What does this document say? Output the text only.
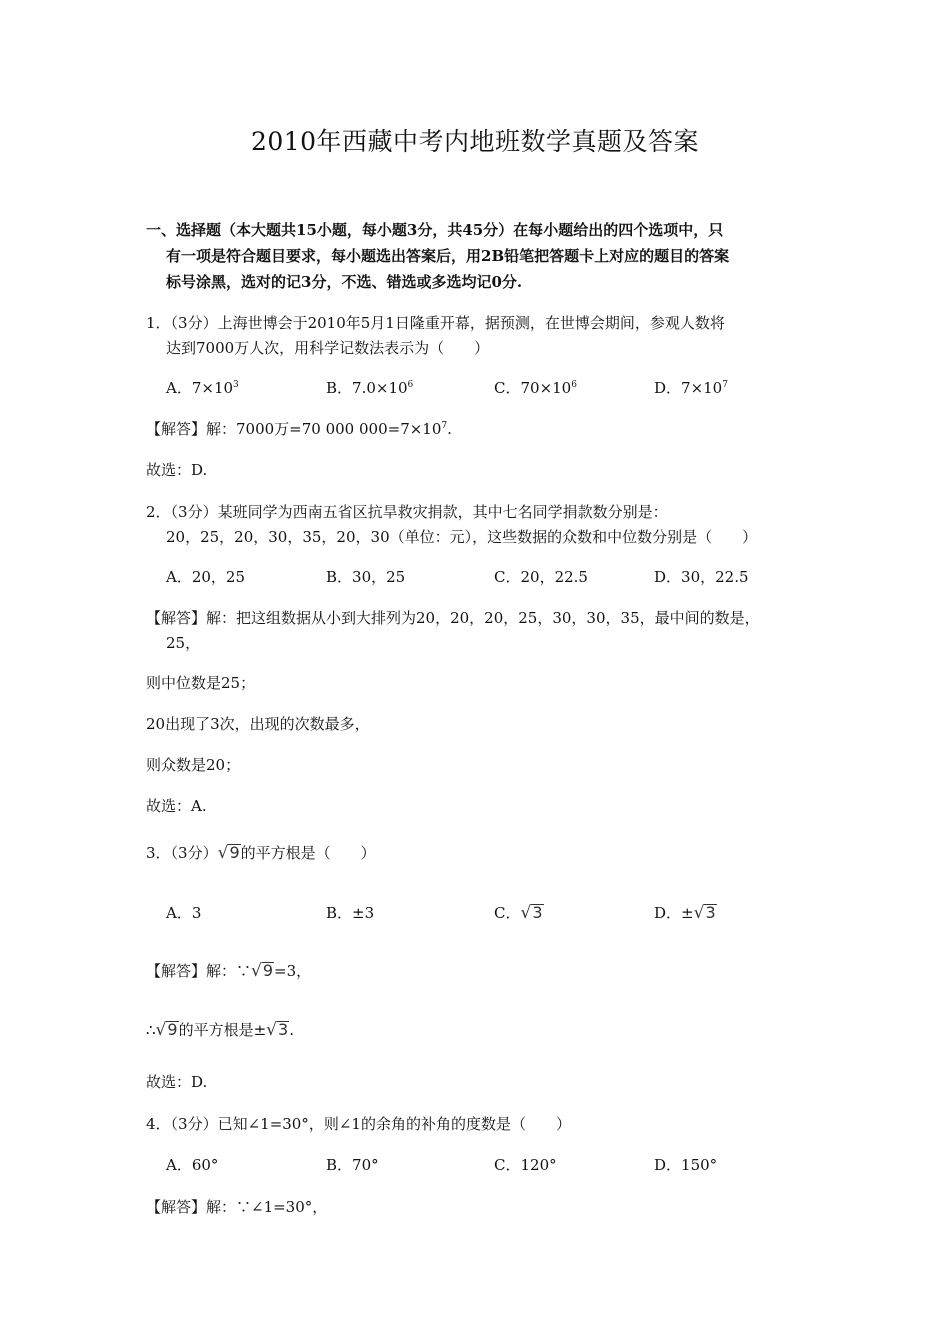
2010年西藏中考内地班数学真题及答案
一、选择题（本大题共15小题，每小题3分，共45分）在每小题给出的四个选项中，只
有一项是符合题目要求，每小题选出答案后，用2B铅笔把答题卡上对应的题目的答案
标号涂黑，选对的记3分，不选、错选或多选均记0分.
1．（3分）上海世博会于2010年5月1日隆重开幕，据预测，在世博会期间，参观人数将
达到7000万人次，用科学记数法表示为（　　）
A．$7\times 10^3$	B．$7.0\times 10^6$	C．$70\times 10^6$	D．$7\times 10^7$
【解答】解：7000万=70 000 $000=7\times 10^7$.
故选：D.
2．（3分）某班同学为西南五省区抗旱救灾捐款，其中七名同学捐款数分别是：
20，25，20，30，35，20，30（单位：元），这些数据的众数和中位数分别是（　　）
A．20，25	B．30，25	C．20，22.5	D．30，22.5
【解答】解：把这组数据从小到大排列为20，20，20，25，30，30，35，最中间的数是，
25，
则中位数是25；
20出现了3次，出现的次数最多，
则众数是20；
故选：A.
3．（3分）√9的平方根是（　　）
A．3	B．±3	C．√3	D．±√3
【解答】解：∵√9=3，
∴√9的平方根是±√3.
故选：D.
4．（3分）已知∠1=30°，则∠1的余角的补角的度数是（　　）
A．60°	B．70°	C．120°	D．150°
【解答】解：∵∠1=30°，
